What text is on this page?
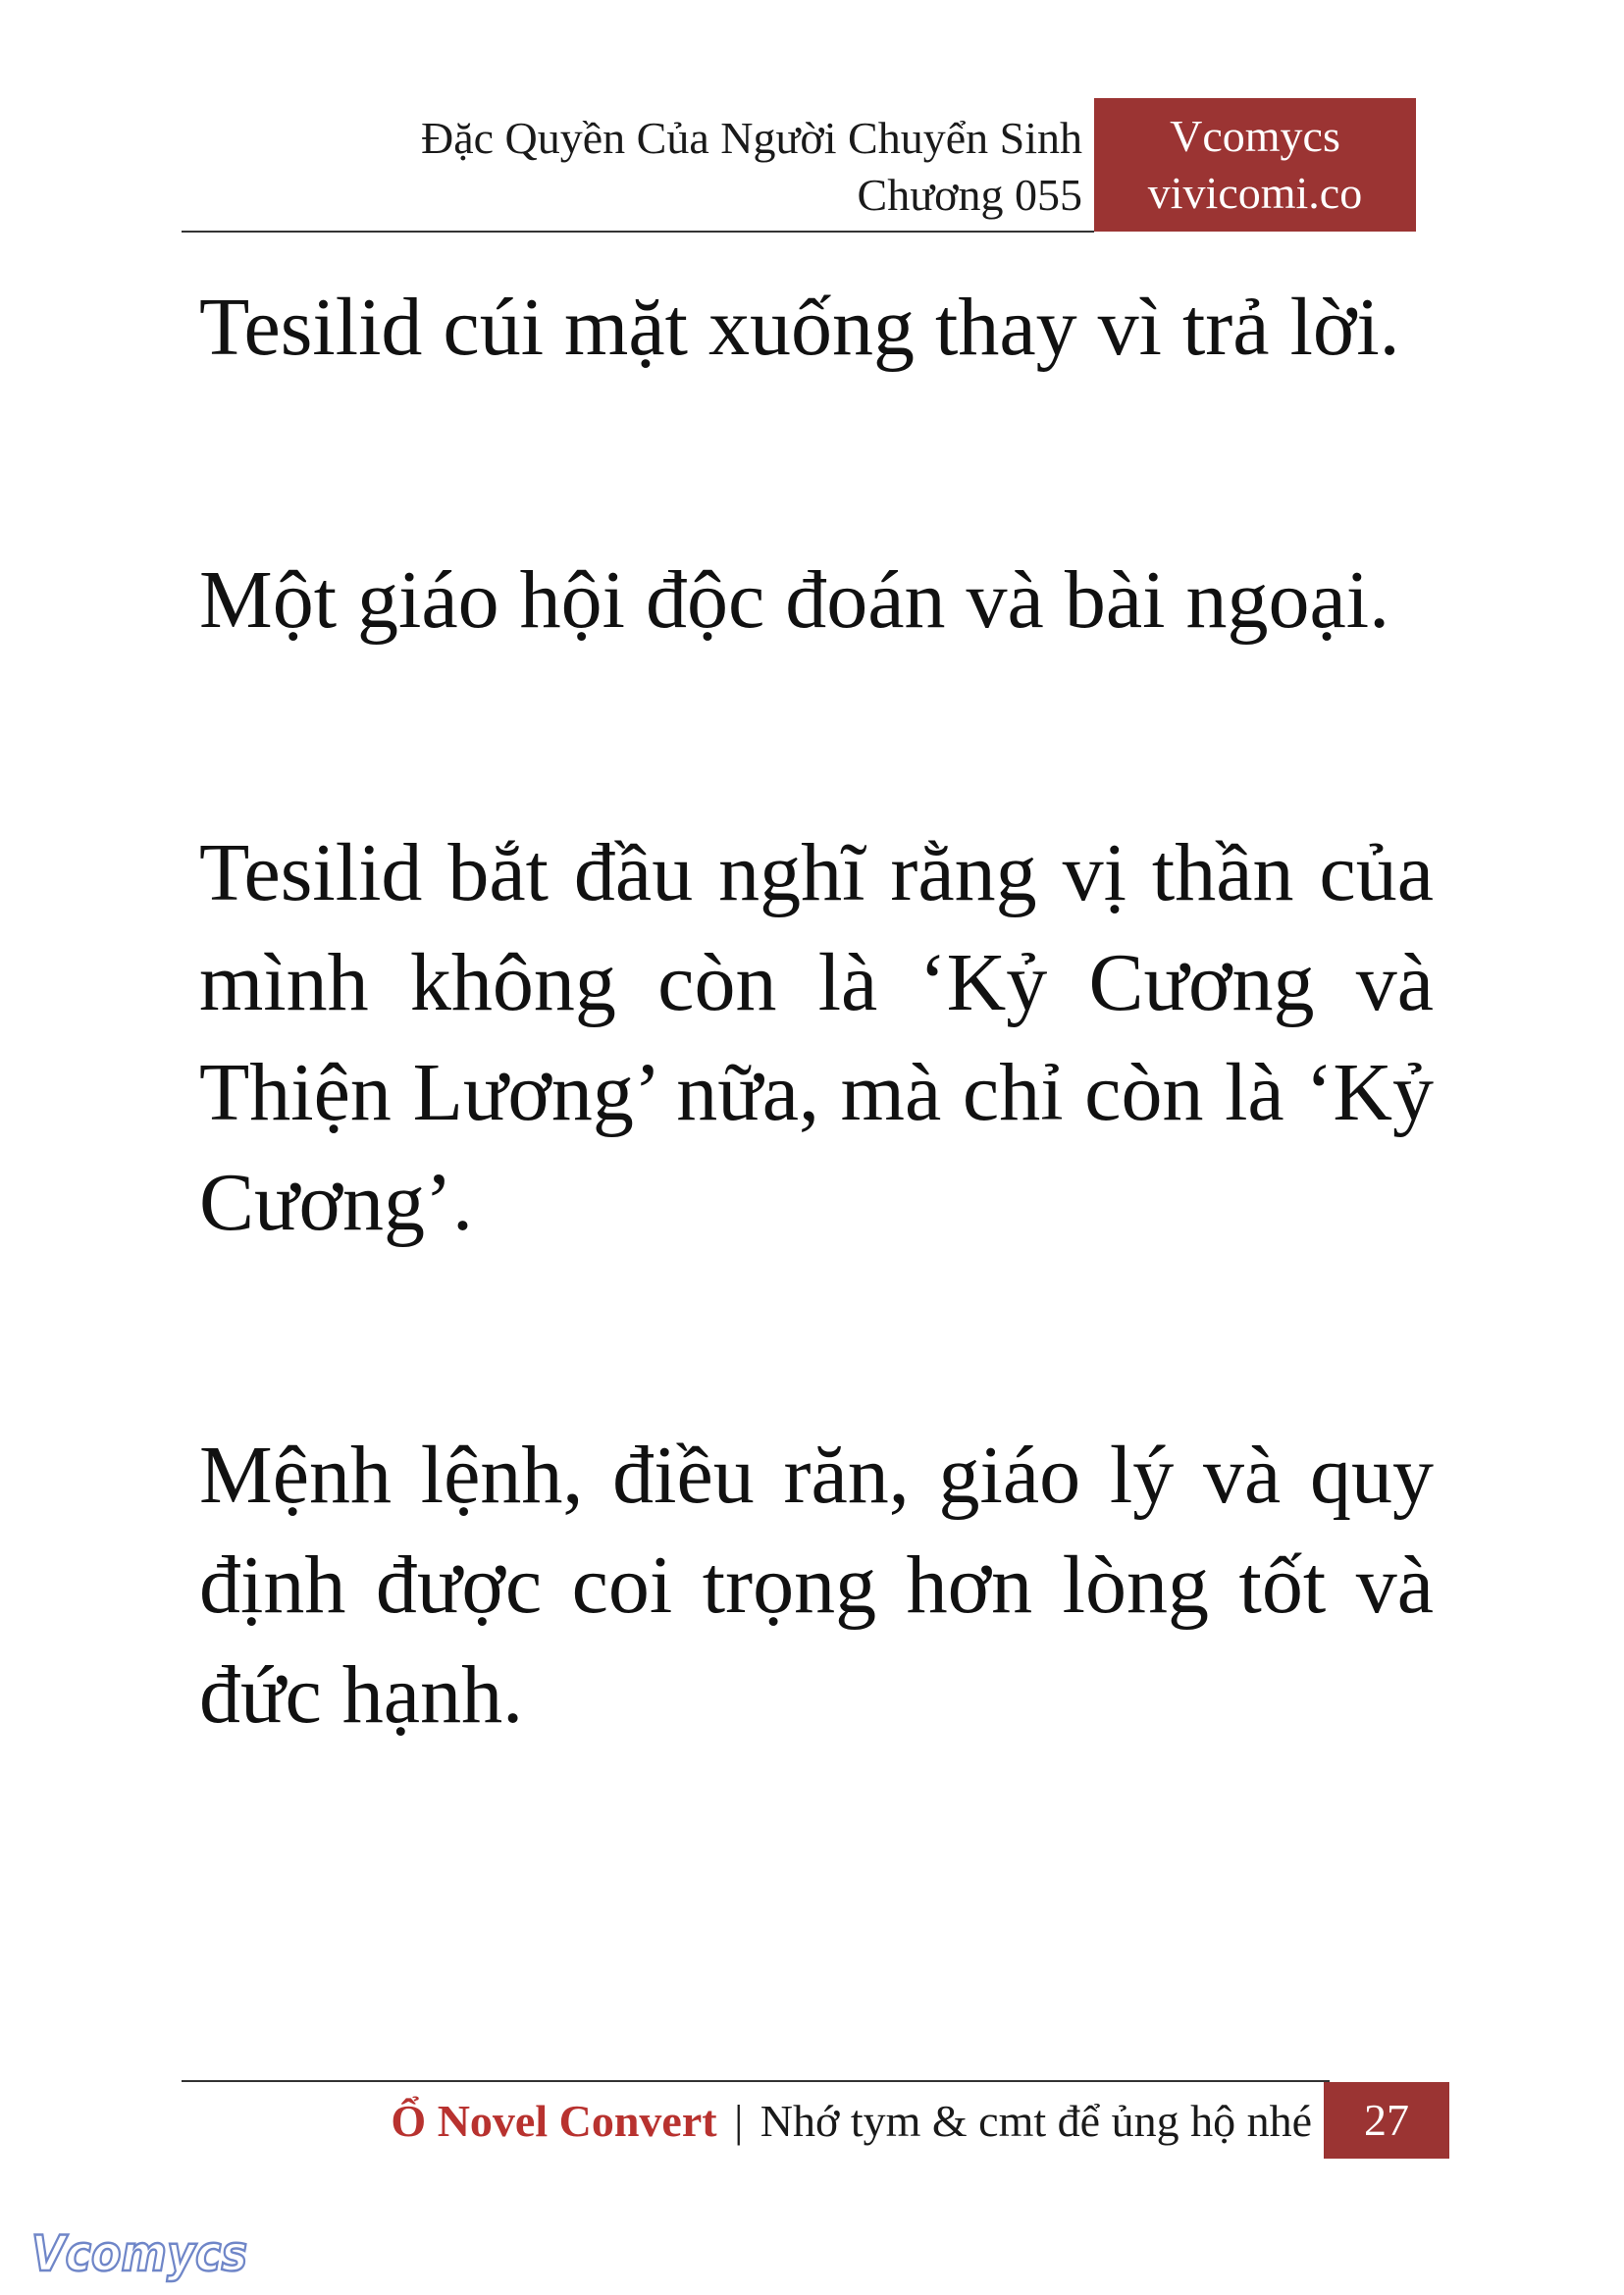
Đặc Quyền Của Người Chuyển Sinh
Chương 055
Vcomycs
vivicomi.co

Tesilid cúi mặt xuống thay vì trả lời.

Một giáo hội độc đoán và bài ngoại.

Tesilid bắt đầu nghĩ rằng vị thần của mình không còn là ‘Kỷ Cương và Thiện Lương’ nữa, mà chỉ còn là ‘Kỷ Cương’.

Mệnh lệnh, điều răn, giáo lý và quy định được coi trọng hơn lòng tốt và đức hạnh.

Ổ Novel Convert | Nhớ tym & cmt để ủng hộ nhé	27
Vcomycs
